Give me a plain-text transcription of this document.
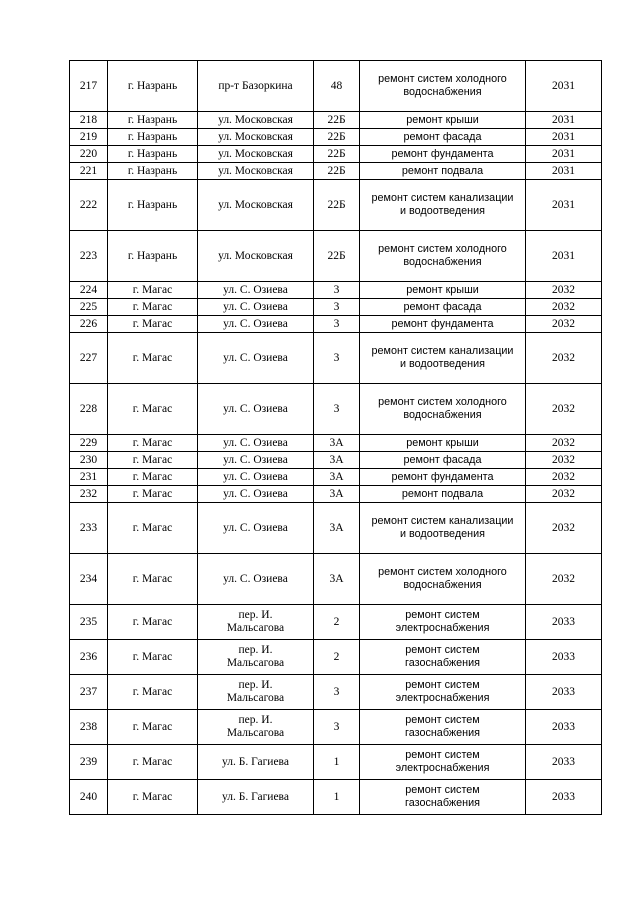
217	г. Назрань	пр-т Базоркина	48	ремонт систем холодного
водоснабжения	2031
218	г. Назрань	ул. Московская	22Б	ремонт крыши	2031
219	г. Назрань	ул. Московская	22Б	ремонт фасада	2031
220	г. Назрань	ул. Московская	22Б	ремонт фундамента	2031
221	г. Назрань	ул. Московская	22Б	ремонт подвала	2031
222	г. Назрань	ул. Московская	22Б	ремонт систем канализации
и водоотведения	2031
223	г. Назрань	ул. Московская	22Б	ремонт систем холодного
водоснабжения	2031
224	г. Магас	ул. С. Озиева	3	ремонт крыши	2032
225	г. Магас	ул. С. Озиева	3	ремонт фасада	2032
226	г. Магас	ул. С. Озиева	3	ремонт фундамента	2032
227	г. Магас	ул. С. Озиева	3	ремонт систем канализации
и водоотведения	2032
228	г. Магас	ул. С. Озиева	3	ремонт систем холодного
водоснабжения	2032
229	г. Магас	ул. С. Озиева	3А	ремонт крыши	2032
230	г. Магас	ул. С. Озиева	3А	ремонт фасада	2032
231	г. Магас	ул. С. Озиева	3А	ремонт фундамента	2032
232	г. Магас	ул. С. Озиева	3А	ремонт подвала	2032
233	г. Магас	ул. С. Озиева	3А	ремонт систем канализации
и водоотведения	2032
234	г. Магас	ул. С. Озиева	3А	ремонт систем холодного
водоснабжения	2032
235	г. Магас	пер. И.
Мальсагова	2	ремонт систем
электроснабжения	2033
236	г. Магас	пер. И.
Мальсагова	2	ремонт систем
газоснабжения	2033
237	г. Магас	пер. И.
Мальсагова	3	ремонт систем
электроснабжения	2033
238	г. Магас	пер. И.
Мальсагова	3	ремонт систем
газоснабжения	2033
239	г. Магас	ул. Б. Гагиева	1	ремонт систем
электроснабжения	2033
240	г. Магас	ул. Б. Гагиева	1	ремонт систем
газоснабжения	2033
